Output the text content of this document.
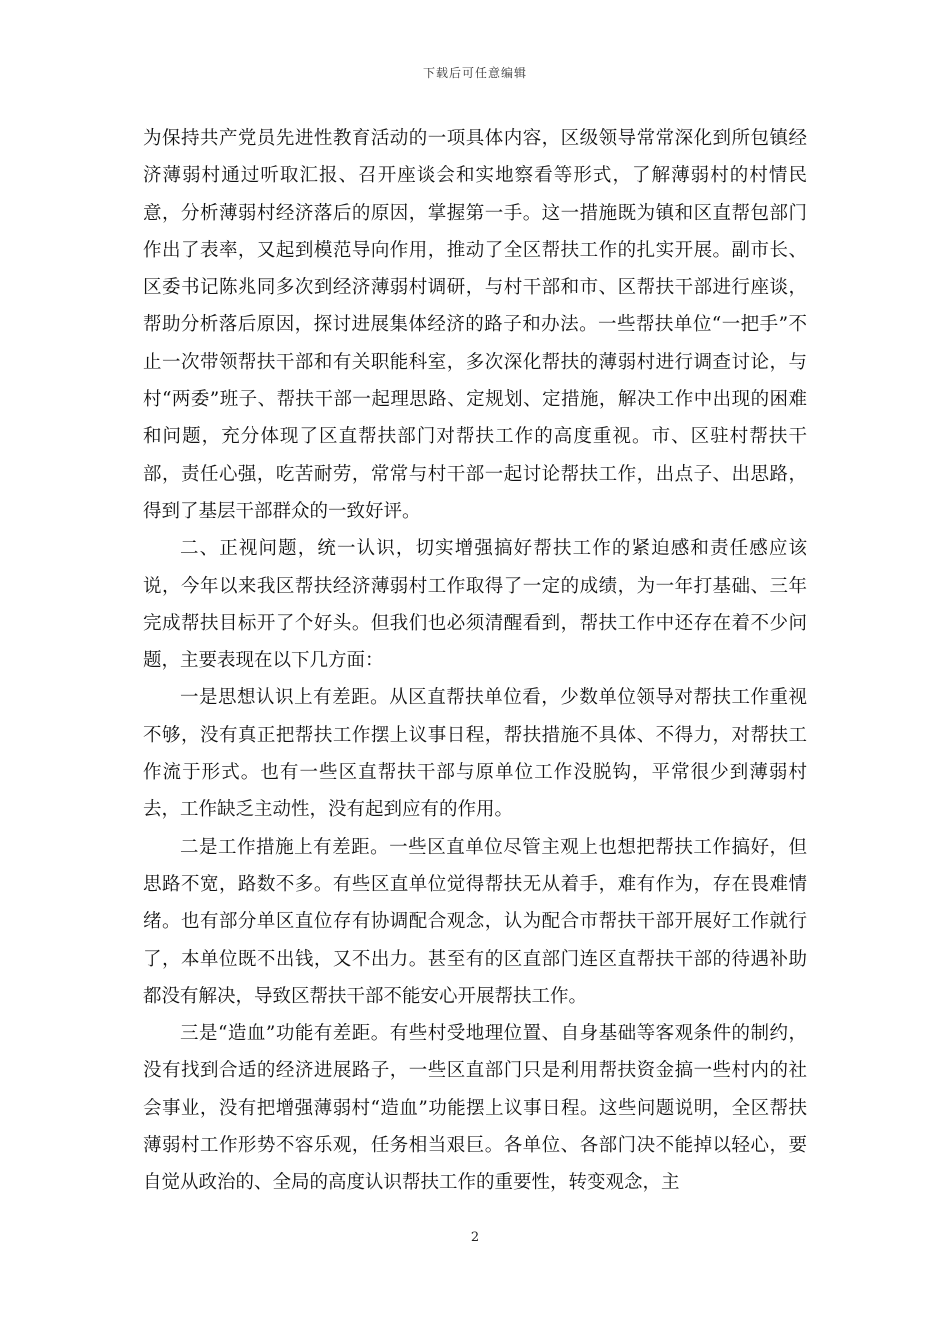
下载后可任意编辑

为保持共产党员先进性教育活动的一项具体内容，区级领导常常深化到所包镇经济薄弱村通过听取汇报、召开座谈会和实地察看等形式，了解薄弱村的村情民意，分析薄弱村经济落后的原因，掌握第一手。这一措施既为镇和区直帮包部门作出了表率，又起到模范导向作用，推动了全区帮扶工作的扎实开展。副市长、区委书记陈兆同多次到经济薄弱村调研，与村干部和市、区帮扶干部进行座谈，帮助分析落后原因，探讨进展集体经济的路子和办法。一些帮扶单位“一把手”不止一次带领帮扶干部和有关职能科室，多次深化帮扶的薄弱村进行调查讨论，与村“两委”班子、帮扶干部一起理思路、定规划、定措施，解决工作中出现的困难和问题，充分体现了区直帮扶部门对帮扶工作的高度重视。市、区驻村帮扶干部，责任心强，吃苦耐劳，常常与村干部一起讨论帮扶工作，出点子、出思路，得到了基层干部群众的一致好评。

二、正视问题，统一认识，切实增强搞好帮扶工作的紧迫感和责任感应该说，今年以来我区帮扶经济薄弱村工作取得了一定的成绩，为一年打基础、三年完成帮扶目标开了个好头。但我们也必须清醒看到，帮扶工作中还存在着不少问题，主要表现在以下几方面：

一是思想认识上有差距。从区直帮扶单位看，少数单位领导对帮扶工作重视不够，没有真正把帮扶工作摆上议事日程，帮扶措施不具体、不得力，对帮扶工作流于形式。也有一些区直帮扶干部与原单位工作没脱钩，平常很少到薄弱村去，工作缺乏主动性，没有起到应有的作用。

二是工作措施上有差距。一些区直单位尽管主观上也想把帮扶工作搞好，但思路不宽，路数不多。有些区直单位觉得帮扶无从着手，难有作为，存在畏难情绪。也有部分单区直位存有协调配合观念，认为配合市帮扶干部开展好工作就行了，本单位既不出钱，又不出力。甚至有的区直部门连区直帮扶干部的待遇补助都没有解决，导致区帮扶干部不能安心开展帮扶工作。

三是“造血”功能有差距。有些村受地理位置、自身基础等客观条件的制约，没有找到合适的经济进展路子，一些区直部门只是利用帮扶资金搞一些村内的社会事业，没有把增强薄弱村“造血”功能摆上议事日程。这些问题说明，全区帮扶薄弱村工作形势不容乐观，任务相当艰巨。各单位、各部门决不能掉以轻心，要自觉从政治的、全局的高度认识帮扶工作的重要性，转变观念，主

2
